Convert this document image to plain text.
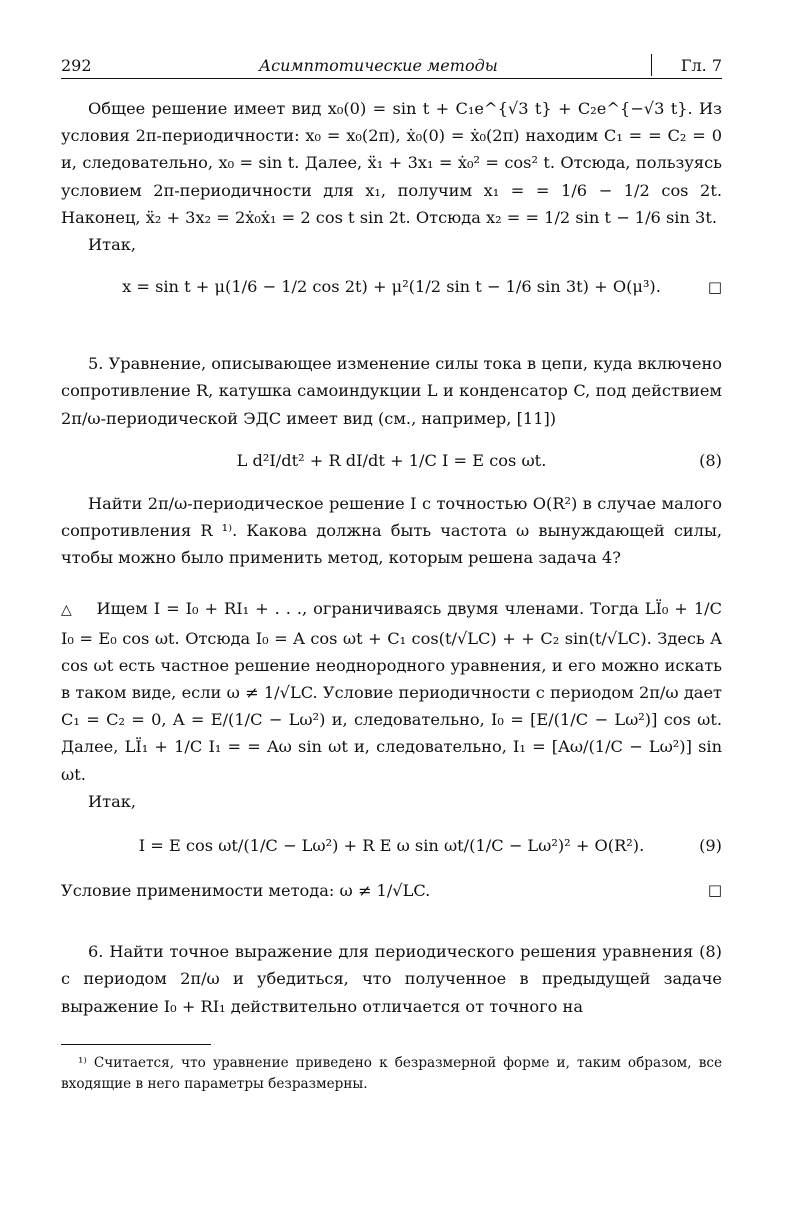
292	Асимптотические методы	Гл. 7

Общее решение имеет вид x₀(0) = sin t + C₁e^{√3 t} + C₂e^{−√3 t}. Из условия 2π-периодичности: x₀ = x₀(2π), ẋ₀(0) = ẋ₀(2π) находим C₁ = = C₂ = 0 и, следовательно, x₀ = sin t. Далее, ẍ₁ + 3x₁ = ẋ₀² = cos² t. Отсюда, пользуясь условием 2π-периодичности для x₁, получим x₁ = = 1/6 − 1/2 cos 2t. Наконец, ẍ₂ + 3x₂ = 2ẋ₀ẋ₁ = 2 cos t sin 2t. Отсюда x₂ = = 1/2 sin t − 1/6 sin 3t.

Итак,

x = sin t + μ(1/6 − 1/2 cos 2t) + μ²(1/2 sin t − 1/6 sin 3t) + O(μ³).	□

5. Уравнение, описывающее изменение силы тока в цепи, куда включено сопротивление R, катушка самоиндукции L и конденсатор C, под действием 2π/ω-периодической ЭДС имеет вид (см., например, [11])

L d²I/dt² + R dI/dt + 1/C I = E cos ωt.	(8)

Найти 2π/ω-периодическое решение I с точностью O(R²) в случае малого сопротивления R ¹⁾. Какова должна быть частота ω вынуждающей силы, чтобы можно было применить метод, которым решена задача 4?

△ Ищем I = I₀ + RI₁ + . . ., ограничиваясь двумя членами. Тогда LÏ₀ + 1/C I₀ = E₀ cos ωt. Отсюда I₀ = A cos ωt + C₁ cos(t/√LC) + + C₂ sin(t/√LC). Здесь A cos ωt есть частное решение неоднородного уравнения, и его можно искать в таком виде, если ω ≠ 1/√LC. Условие периодичности с периодом 2π/ω дает C₁ = C₂ = 0, A = E/(1/C − Lω²) и, следовательно, I₀ = [E/(1/C − Lω²)] cos ωt. Далее, LÏ₁ + 1/C I₁ = = Aω sin ωt и, следовательно, I₁ = [Aω/(1/C − Lω²)] sin ωt.

Итак,

I = E cos ωt/(1/C − Lω²) + R E ω sin ωt/(1/C − Lω²)² + O(R²).	(9)

Условие применимости метода: ω ≠ 1/√LC.	□

6. Найти точное выражение для периодического решения уравнения (8) с периодом 2π/ω и убедиться, что полученное в предыдущей задаче выражение I₀ + RI₁ действительно отличается от точного на

¹⁾ Считается, что уравнение приведено к безразмерной форме и, таким образом, все входящие в него параметры безразмерны.
